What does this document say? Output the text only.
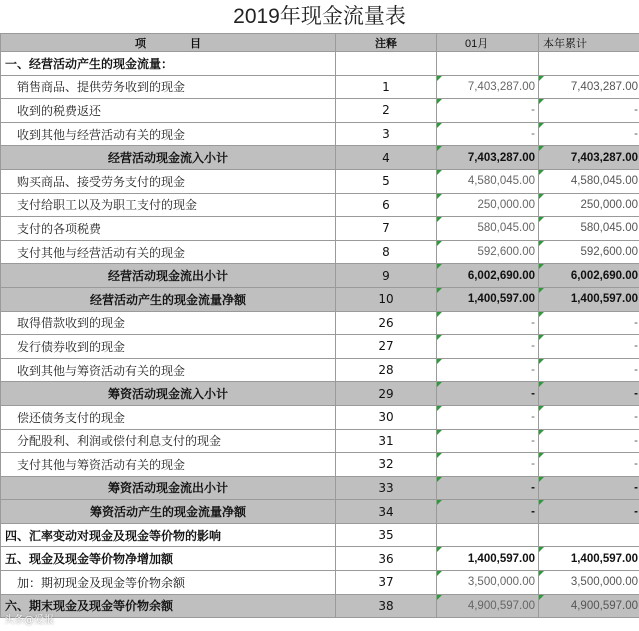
2019年现金流量表
项　　　　目	注释	01月	本年累计
一、经营活动产生的现金流量：			
销售商品、提供劳务收到的现金	1	7,403,287.00	7,403,287.00
收到的税费返还	2	-	-
收到其他与经营活动有关的现金	3	-	-
经营活动现金流入小计	4	7,403,287.00	7,403,287.00
购买商品、接受劳务支付的现金	5	4,580,045.00	4,580,045.00
支付给职工以及为职工支付的现金	6	250,000.00	250,000.00
支付的各项税费	7	580,045.00	580,045.00
支付其他与经营活动有关的现金	8	592,600.00	592,600.00
经营活动现金流出小计	9	6,002,690.00	6,002,690.00
经营活动产生的现金流量净额	10	1,400,597.00	1,400,597.00
取得借款收到的现金	26	-	-
发行债券收到的现金	27	-	-
收到其他与筹资活动有关的现金	28	-	-
筹资活动现金流入小计	29	-	-
偿还债务支付的现金	30	-	-
分配股利、利润或偿付利息支付的现金	31	-	-
支付其他与筹资活动有关的现金	32	-	-
筹资活动现金流出小计	33	-	-
筹资活动产生的现金流量净额	34	-	-
四、汇率变动对现金及现金等价物的影响	35		
五、现金及现金等价物净增加额	36	1,400,597.00	1,400,597.00
加：期初现金及现金等价物余额	37	3,500,000.00	3,500,000.00
六、期末现金及现金等价物余额	38	4,900,597.00	4,900,597.00
头条@爱报
